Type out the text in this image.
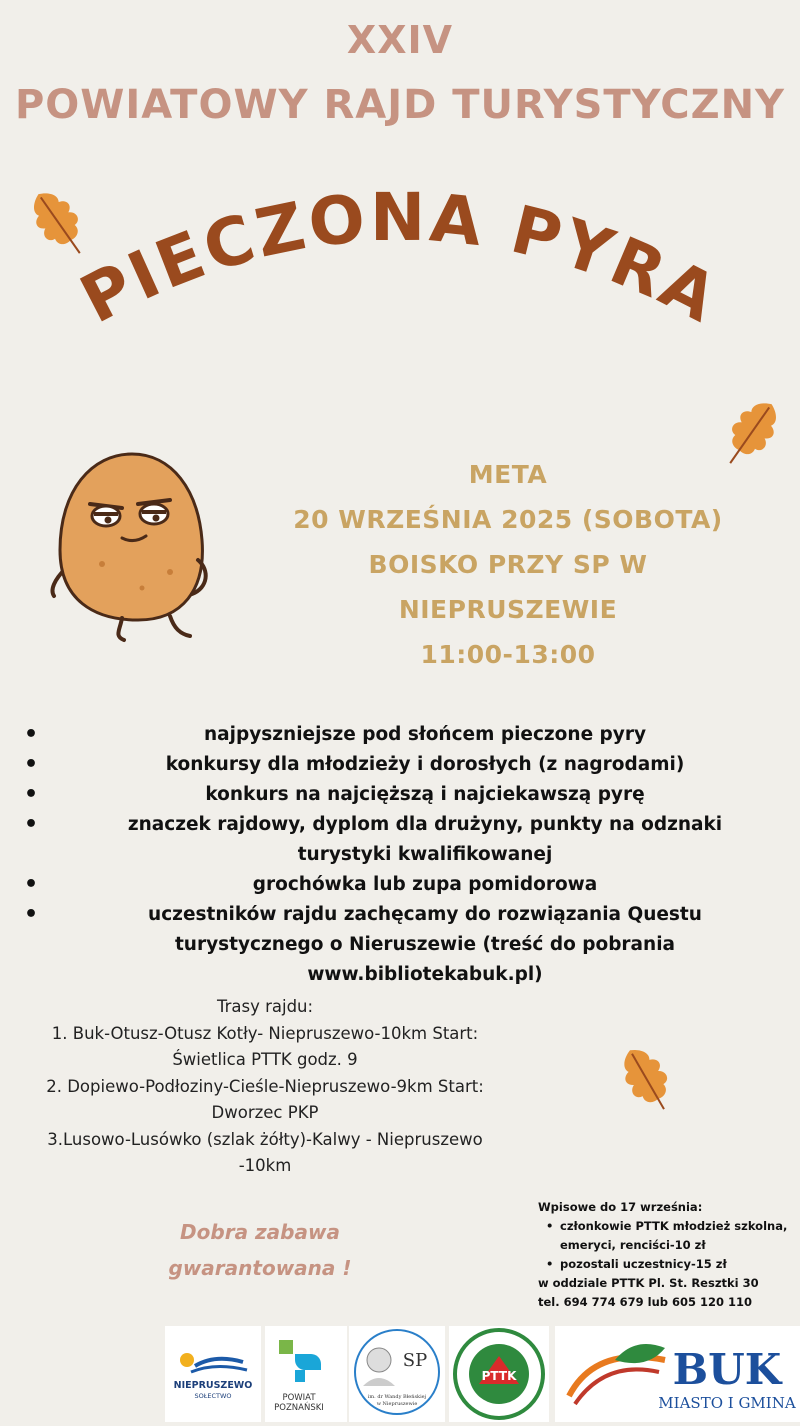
XXIV
POWIATOWY RAJD TURYSTYCZNY
PIECZONA PYRA
META
20 WRZEŚNIA 2025 (SOBOTA)
BOISKO PRZY SP W NIEPRUSZEWIE
11:00-13:00
•	najpyszniejsze pod słońcem pieczone pyry
•	konkursy dla młodzieży i dorosłych (z nagrodami)
•	konkurs na najcięższą i najciekawszą pyrę
•	znaczek rajdowy, dyplom dla drużyny, punkty na odznaki turystyki kwalifikowanej
•	grochówka lub zupa pomidorowa
•	uczestników rajdu zachęcamy do rozwiązania Questu turystycznego o Nieruszewie (treść do pobrania www.bibliotekabuk.pl)
Trasy rajdu:
1. Buk-Otusz-Otusz Kotły- Niepruszewo-10km Start:
Świetlica PTTK godz. 9
2. Dopiewo-Podłoziny-Cieśle-Niepruszewo-9km Start:
Dworzec PKP
3.Lusowo-Lusówko (szlak żółty)-Kalwy - Niepruszewo
-10km
Dobra zabawa
gwarantowana !
Wpisowe do 17 września:
• członkowie PTTK młodzież szkolna, emeryci, renciści-10 zł
• pozostali uczestnicy-15 zł
w oddziale PTTK Pl. St. Resztki 30
tel. 694 774 679 lub 605 120 110
NIEPRUSZEWO
SOŁECTWO	POWIAT
POZNAŃSKI
SP
im. dr Wandy Błeńskiej
w Niepruszewie
PTTK	BUK
MIASTO I GMINA
